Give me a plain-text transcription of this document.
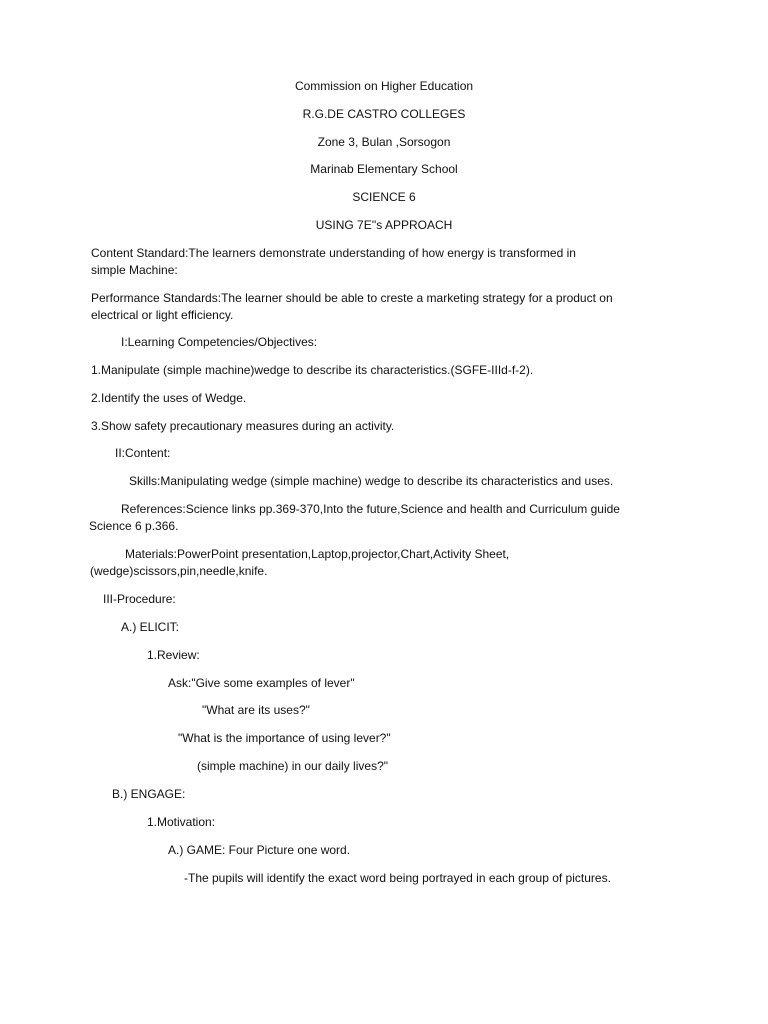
Commission on Higher Education
R.G.DE CASTRO COLLEGES
Zone 3, Bulan ,Sorsogon
Marinab Elementary School
SCIENCE 6
USING 7E''s APPROACH
Content Standard:The learners demonstrate understanding of how energy is transformed in
simple Machine:
Performance Standards:The learner should be able to creste a marketing strategy for a product on
electrical or light efficiency.
I:Learning Competencies/Objectives:
1.Manipulate (simple machine)wedge to describe its characteristics.(SGFE-IIId-f-2).
2.Identify the uses of Wedge.
3.Show safety precautionary measures during an activity.
II:Content:
Skills:Manipulating wedge (simple machine) wedge to describe its characteristics and uses.
References:Science links pp.369-370,Into the future,Science and health and Curriculum guide
Science 6 p.366.
Materials:PowerPoint presentation,Laptop,projector,Chart,Activity Sheet,
(wedge)scissors,pin,needle,knife.
III-Procedure:
A.) ELICIT:
1.Review:
Ask:"Give some examples of lever"
"What are its uses?"
"What is the importance of using lever?"
(simple machine) in our daily lives?"
B.) ENGAGE:
1.Motivation:
A.) GAME: Four Picture one word.
-The pupils will identify the exact word being portrayed in each group of pictures.
